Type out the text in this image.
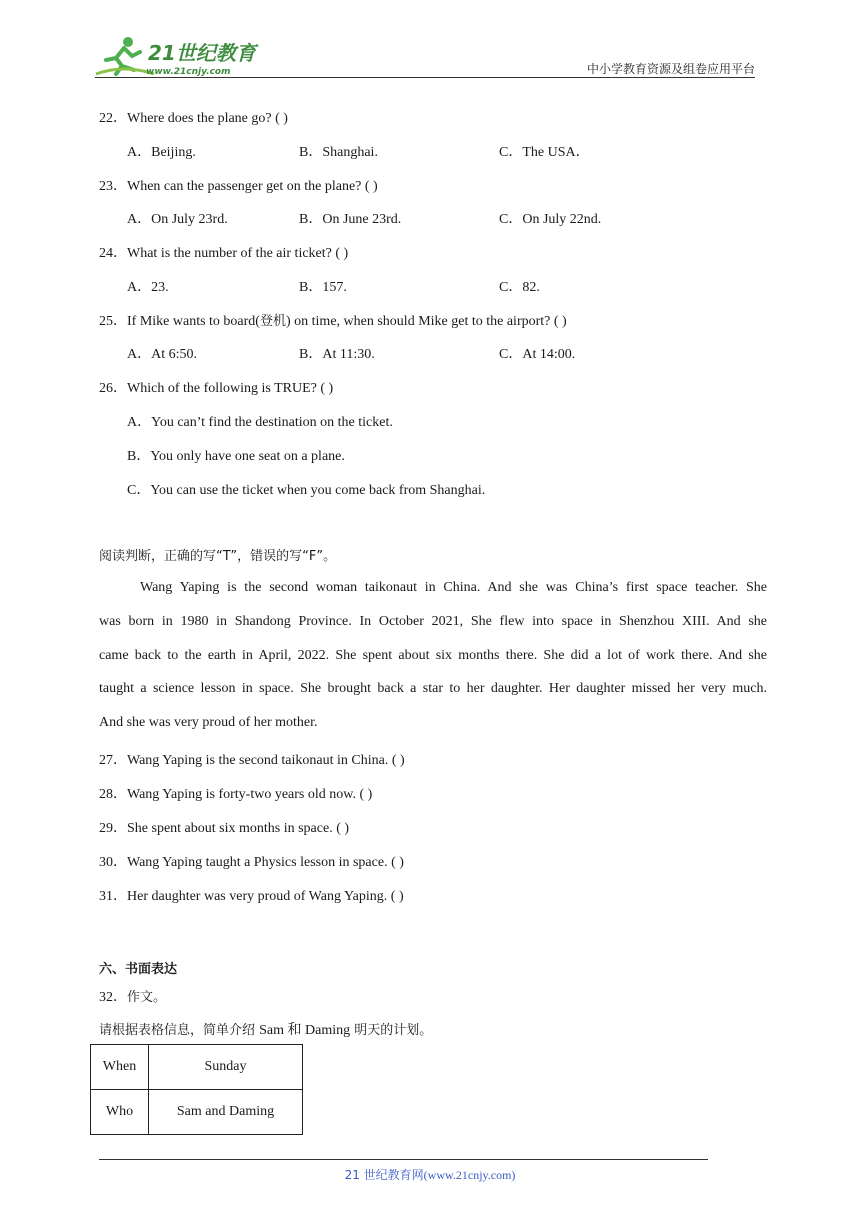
21世纪教育
www.21cnjy.com	中小学教育资源及组卷应用平台
22．Where does the plane go? ( )
A．Beijing.	B．Shanghai.	C．The USA．
23．When can the passenger get on the plane? ( )
A．On July 23rd.	B．On June 23rd.	C．On July 22nd.
24．What is the number of the air ticket? ( )
A．23.	B．157.	C．82.
25．If Mike wants to board(登机) on time, when should Mike get to the airport? ( )
A．At 6:50.	B．At 11:30.	C．At 14:00.
26．Which of the following is TRUE? ( )
A．You can’t find the destination on the ticket.
B．You only have one seat on a plane.
C．You can use the ticket when you come back from Shanghai.
阅读判断，正确的写“T”，错误的写“F”。
Wang Yaping is the second woman taikonaut in China. And she was China’s first space teacher. She
was born in 1980 in Shandong Province. In October 2021, She flew into space in Shenzhou XIII. And she
came back to the earth in April, 2022. She spent about six months there. She did a lot of work there. And she
taught a science lesson in space. She brought back a star to her daughter. Her daughter missed her very much.
And she was very proud of her mother.
27．Wang Yaping is the second taikonaut in China. ( )
28．Wang Yaping is forty-two years old now. ( )
29．She spent about six months in space. ( )
30．Wang Yaping taught a Physics lesson in space. ( )
31．Her daughter was very proud of Wang Yaping. ( )
六、书面表达
32．作文。
请根据表格信息，简单介绍 Sam 和 Daming 明天的计划。
When	Sunday
Who	Sam and Daming
21 世纪教育网(www.21cnjy.com)
